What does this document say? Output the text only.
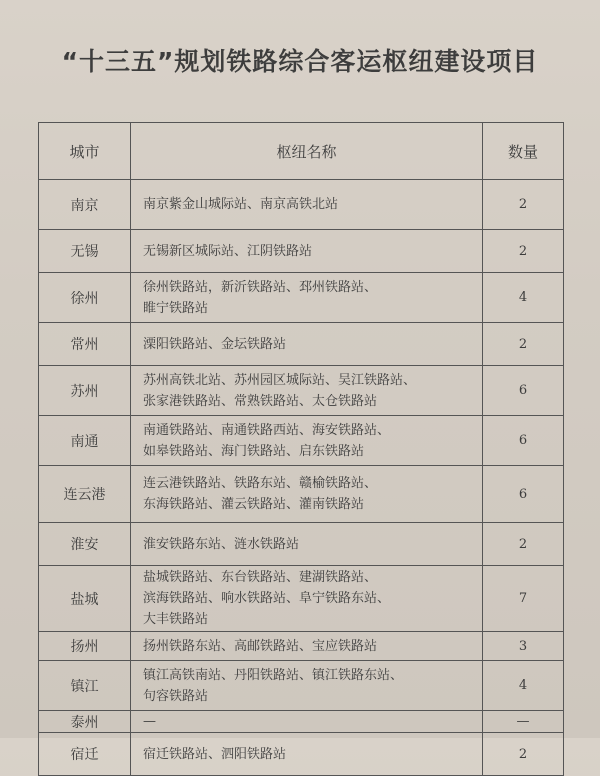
“十三五”规划铁路综合客运枢纽建设项目
城市	枢纽名称	数量
南京	南京紫金山城际站、南京高铁北站	2
无锡	无锡新区城际站、江阴铁路站	2
徐州	徐州铁路站，新沂铁路站、邳州铁路站、
睢宁铁路站	4
常州	溧阳铁路站、金坛铁路站	2
苏州	苏州高铁北站、苏州园区城际站、吴江铁路站、
张家港铁路站、常熟铁路站、太仓铁路站	6
南通	南通铁路站、南通铁路西站、海安铁路站、
如皋铁路站、海门铁路站、启东铁路站	6
连云港	连云港铁路站、铁路东站、赣榆铁路站、
东海铁路站、灌云铁路站、灌南铁路站	6
淮安	淮安铁路东站、涟水铁路站	2
盐城	盐城铁路站、东台铁路站、建湖铁路站、
滨海铁路站、响水铁路站、阜宁铁路东站、
大丰铁路站	7
扬州	扬州铁路东站、高邮铁路站、宝应铁路站	3
镇江	镇江高铁南站、丹阳铁路站、镇江铁路东站、
句容铁路站	4
泰州	—	—
宿迁	宿迁铁路站、泗阳铁路站	2
